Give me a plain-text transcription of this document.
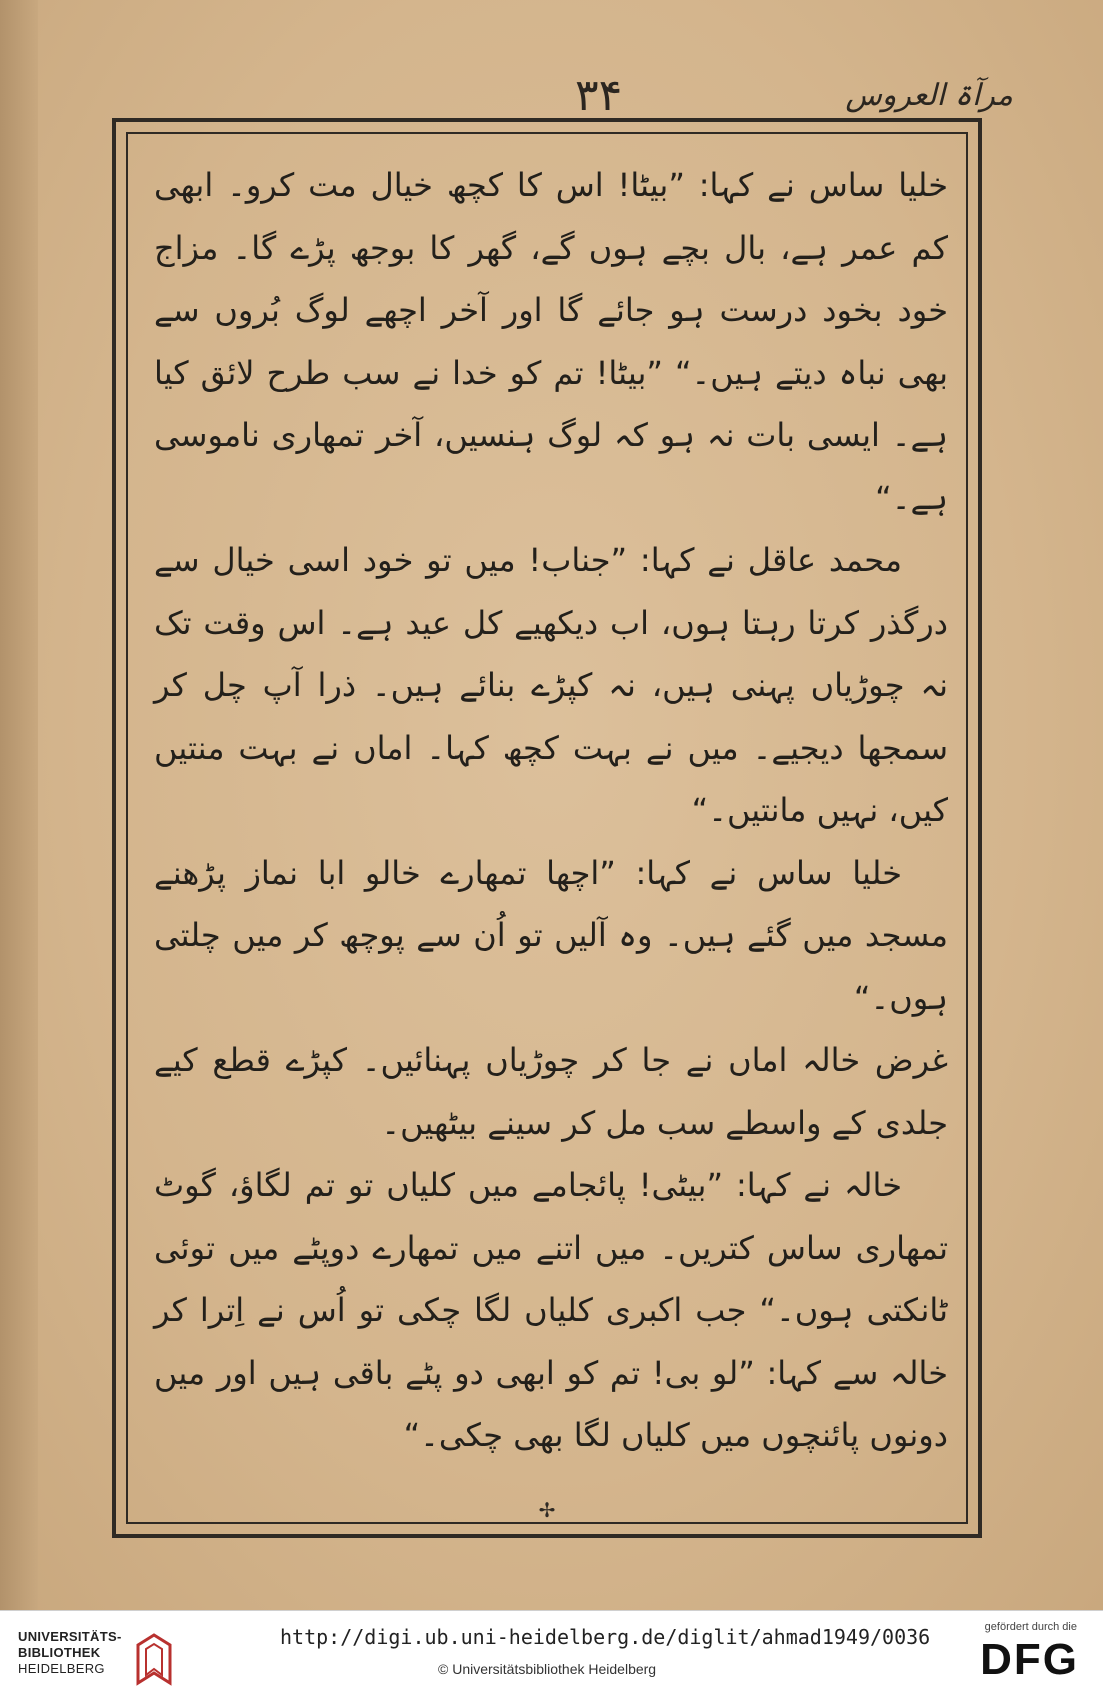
۳۴	مرآۃ العروس

خلیا ساس نے کہا: ”بیٹا! اس کا کچھ خیال مت کرو۔ ابھی کم عمر ہے، بال بچے ہوں گے، گھر کا بوجھ پڑے گا۔ مزاج خود بخود درست ہو جائے گا اور آخر اچھے لوگ بُروں سے بھی نباہ دیتے ہیں۔“ ”بیٹا! تم کو خدا نے سب طرح لائق کیا ہے۔ ایسی بات نہ ہو کہ لوگ ہنسیں، آخر تمھاری ناموسی ہے۔“

محمد عاقل نے کہا: ”جناب! میں تو خود اسی خیال سے درگذر کرتا رہتا ہوں، اب دیکھیے کل عید ہے۔ اس وقت تک نہ چوڑیاں پہنی ہیں، نہ کپڑے بنائے ہیں۔ ذرا آپ چل کر سمجھا دیجیے۔ میں نے بہت کچھ کہا۔ اماں نے بہت منتیں کیں، نہیں مانتیں۔“

خلیا ساس نے کہا: ”اچھا تمھارے خالو ابا نماز پڑھنے مسجد میں گئے ہیں۔ وہ آلیں تو اُن سے پوچھ کر میں چلتی ہوں۔“

غرض خالہ اماں نے جا کر چوڑیاں پہنائیں۔ کپڑے قطع کیے جلدی کے واسطے سب مل کر سینے بیٹھیں۔

خالہ نے کہا: ”بیٹی! پائجامے میں کلیاں تو تم لگاؤ، گوٹ تمھاری ساس کتریں۔ میں اتنے میں تمھارے دوپٹے میں توئی ٹانکتی ہوں۔“ جب اکبری کلیاں لگا چکی تو اُس نے اِترا کر خالہ سے کہا: ”لو بی! تم کو ابھی دو پٹے باقی ہیں اور میں دونوں پائنچوں میں کلیاں لگا بھی چکی۔“

✢
UNIVERSITÄTS-
BIBLIOTHEK
HEIDELBERG
http://digi.ub.uni-heidelberg.de/diglit/ahmad1949/0036
© Universitätsbibliothek Heidelberg
gefördert durch die
DFG
